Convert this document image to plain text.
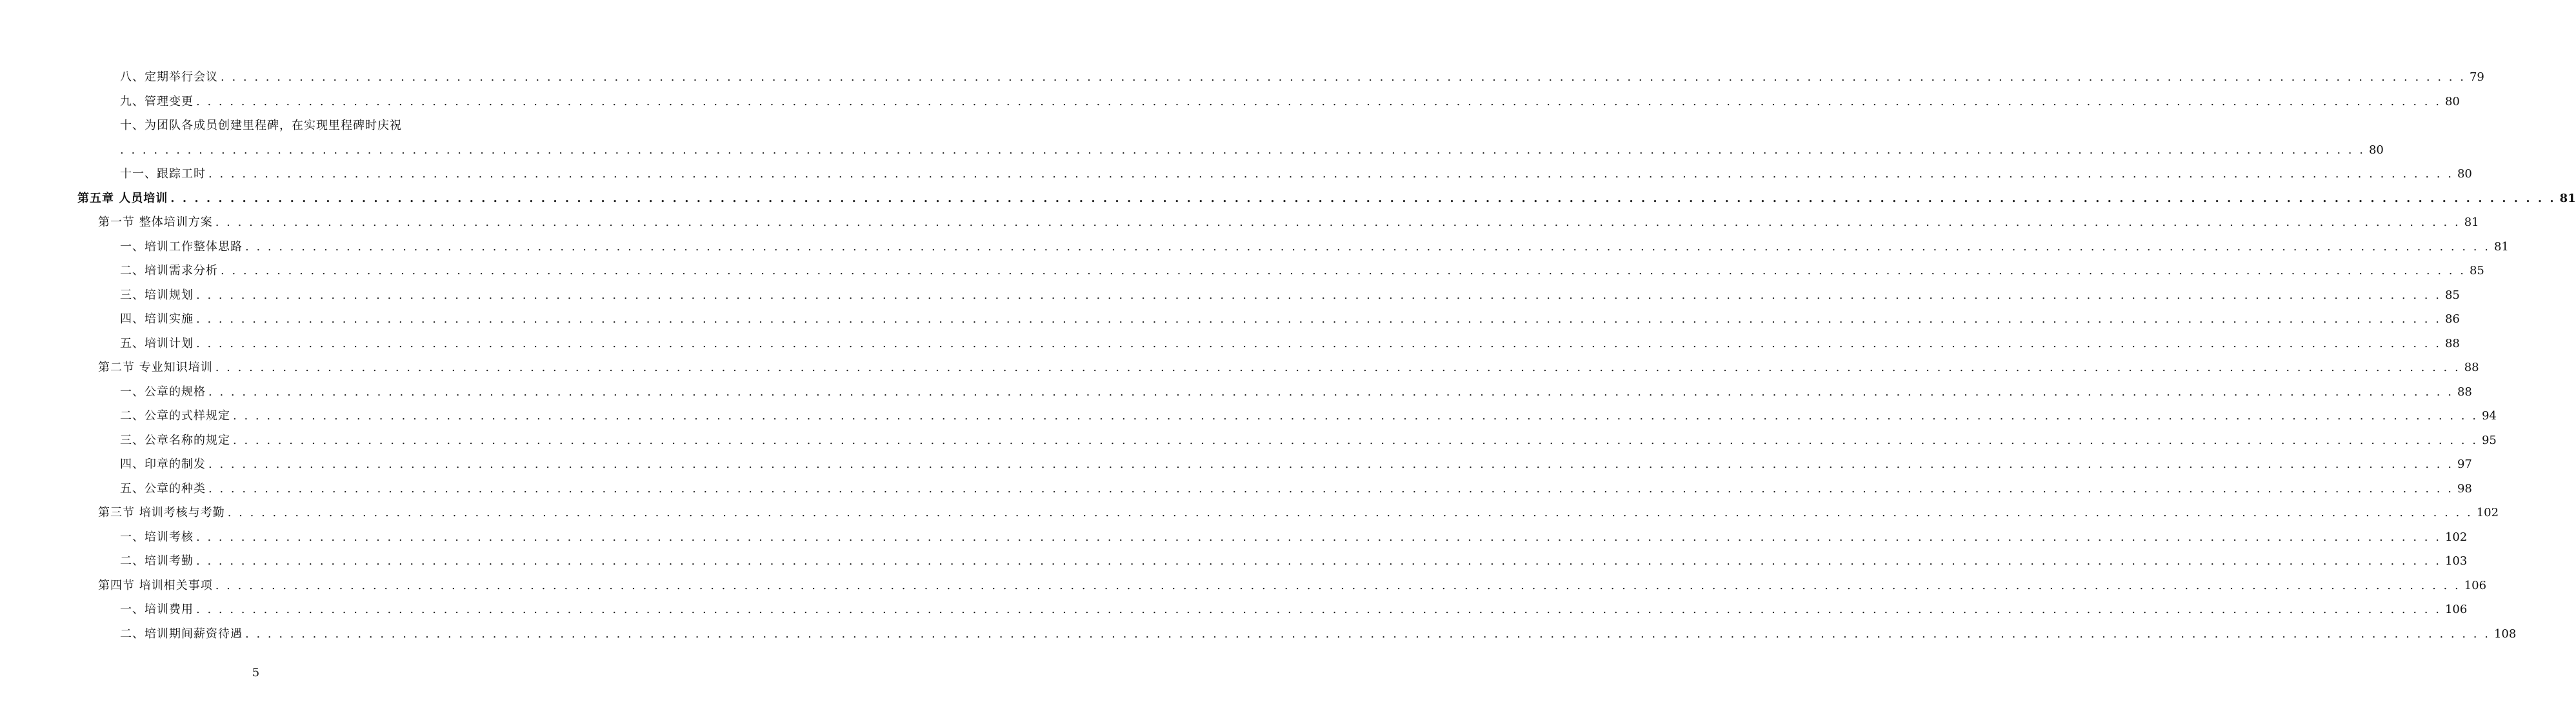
八、定期举行会议 . . . . . . . . . . . . . . . . . . . . . . . . . . . . . . . . . . . . . . . . . . . . . . . . . . . . . . . . . . . . . . . . . . . . . . . . . . . . . . . . . . . . . . . . . . . . . . . . . . . . . . . . . . . . . . . . . . . . . . . . . . . . . . . . . . . . . . . . . . . . . . . . . . . . . . . . . . . . . . . . . . . . . . . . . . . . . . . . . . . . . . . . . . . . . . . . . . . . . . . . 79
九、管理变更 . . . . . . . . . . . . . . . . . . . . . . . . . . . . . . . . . . . . . . . . . . . . . . . . . . . . . . . . . . . . . . . . . . . . . . . . . . . . . . . . . . . . . . . . . . . . . . . . . . . . . . . . . . . . . . . . . . . . . . . . . . . . . . . . . . . . . . . . . . . . . . . . . . . . . . . . . . . . . . . . . . . . . . . . . . . . . . . . . . . . . . . . . . . . . . . . . . . . . . . . 80
十、为团队各成员创建里程碑，在实现里程碑时庆祝
. . . . . . . . . . . . . . . . . . . . . . . . . . . . . . . . . . . . . . . . . . . . . . . . . . . . . . . . . . . . . . . . . . . . . . . . . . . . . . . . . . . . . . . . . . . . . . . . . . . . . . . . . . . . . . . . . . . . . . . . . . . . . . . . . . . . . . . . . . . . . . . . . . . . . . . . . . . . . . . . . . . . . . . . . . . . . . . . . . . . . . . . . . . . . . . . . . . . . . . . 80
十一、跟踪工时 . . . . . . . . . . . . . . . . . . . . . . . . . . . . . . . . . . . . . . . . . . . . . . . . . . . . . . . . . . . . . . . . . . . . . . . . . . . . . . . . . . . . . . . . . . . . . . . . . . . . . . . . . . . . . . . . . . . . . . . . . . . . . . . . . . . . . . . . . . . . . . . . . . . . . . . . . . . . . . . . . . . . . . . . . . . . . . . . . . . . . . . . . . . . . . . . . . . . . . . . 80
第五章 人员培训 . . . . . . . . . . . . . . . . . . . . . . . . . . . . . . . . . . . . . . . . . . . . . . . . . . . . . . . . . . . . . . . . . . . . . . . . . . . . . . . . . . . . . . . . . . . . . . . . . . . . . . . . . . . . . . . . . . . . . . . . . . . . . . . . . . . . . . . . . . . . . . . . . . . . . . . . . . . . . . . . . . . . . . . . . . . . . . . . . . . . . . . . . . . . . . . . . . . . . . . . 81
第一节 整体培训方案 . . . . . . . . . . . . . . . . . . . . . . . . . . . . . . . . . . . . . . . . . . . . . . . . . . . . . . . . . . . . . . . . . . . . . . . . . . . . . . . . . . . . . . . . . . . . . . . . . . . . . . . . . . . . . . . . . . . . . . . . . . . . . . . . . . . . . . . . . . . . . . . . . . . . . . . . . . . . . . . . . . . . . . . . . . . . . . . . . . . . . . . . . . . . . . . . . . . . . . . . 81
一、培训工作整体思路 . . . . . . . . . . . . . . . . . . . . . . . . . . . . . . . . . . . . . . . . . . . . . . . . . . . . . . . . . . . . . . . . . . . . . . . . . . . . . . . . . . . . . . . . . . . . . . . . . . . . . . . . . . . . . . . . . . . . . . . . . . . . . . . . . . . . . . . . . . . . . . . . . . . . . . . . . . . . . . . . . . . . . . . . . . . . . . . . . . . . . . . . . . . . . . . . . . . . . . . . 81
二、培训需求分析 . . . . . . . . . . . . . . . . . . . . . . . . . . . . . . . . . . . . . . . . . . . . . . . . . . . . . . . . . . . . . . . . . . . . . . . . . . . . . . . . . . . . . . . . . . . . . . . . . . . . . . . . . . . . . . . . . . . . . . . . . . . . . . . . . . . . . . . . . . . . . . . . . . . . . . . . . . . . . . . . . . . . . . . . . . . . . . . . . . . . . . . . . . . . . . . . . . . . . . . . 85
三、培训规划 . . . . . . . . . . . . . . . . . . . . . . . . . . . . . . . . . . . . . . . . . . . . . . . . . . . . . . . . . . . . . . . . . . . . . . . . . . . . . . . . . . . . . . . . . . . . . . . . . . . . . . . . . . . . . . . . . . . . . . . . . . . . . . . . . . . . . . . . . . . . . . . . . . . . . . . . . . . . . . . . . . . . . . . . . . . . . . . . . . . . . . . . . . . . . . . . . . . . . . . . 85
四、培训实施 . . . . . . . . . . . . . . . . . . . . . . . . . . . . . . . . . . . . . . . . . . . . . . . . . . . . . . . . . . . . . . . . . . . . . . . . . . . . . . . . . . . . . . . . . . . . . . . . . . . . . . . . . . . . . . . . . . . . . . . . . . . . . . . . . . . . . . . . . . . . . . . . . . . . . . . . . . . . . . . . . . . . . . . . . . . . . . . . . . . . . . . . . . . . . . . . . . . . . . . . 86
五、培训计划 . . . . . . . . . . . . . . . . . . . . . . . . . . . . . . . . . . . . . . . . . . . . . . . . . . . . . . . . . . . . . . . . . . . . . . . . . . . . . . . . . . . . . . . . . . . . . . . . . . . . . . . . . . . . . . . . . . . . . . . . . . . . . . . . . . . . . . . . . . . . . . . . . . . . . . . . . . . . . . . . . . . . . . . . . . . . . . . . . . . . . . . . . . . . . . . . . . . . . . . . 88
第二节 专业知识培训 . . . . . . . . . . . . . . . . . . . . . . . . . . . . . . . . . . . . . . . . . . . . . . . . . . . . . . . . . . . . . . . . . . . . . . . . . . . . . . . . . . . . . . . . . . . . . . . . . . . . . . . . . . . . . . . . . . . . . . . . . . . . . . . . . . . . . . . . . . . . . . . . . . . . . . . . . . . . . . . . . . . . . . . . . . . . . . . . . . . . . . . . . . . . . . . . . . . . . . . . 88
一、公章的规格 . . . . . . . . . . . . . . . . . . . . . . . . . . . . . . . . . . . . . . . . . . . . . . . . . . . . . . . . . . . . . . . . . . . . . . . . . . . . . . . . . . . . . . . . . . . . . . . . . . . . . . . . . . . . . . . . . . . . . . . . . . . . . . . . . . . . . . . . . . . . . . . . . . . . . . . . . . . . . . . . . . . . . . . . . . . . . . . . . . . . . . . . . . . . . . . . . . . . . . . . 88
二、公章的式样规定 . . . . . . . . . . . . . . . . . . . . . . . . . . . . . . . . . . . . . . . . . . . . . . . . . . . . . . . . . . . . . . . . . . . . . . . . . . . . . . . . . . . . . . . . . . . . . . . . . . . . . . . . . . . . . . . . . . . . . . . . . . . . . . . . . . . . . . . . . . . . . . . . . . . . . . . . . . . . . . . . . . . . . . . . . . . . . . . . . . . . . . . . . . . . . . . . . . . . . . . . 94
三、公章名称的规定 . . . . . . . . . . . . . . . . . . . . . . . . . . . . . . . . . . . . . . . . . . . . . . . . . . . . . . . . . . . . . . . . . . . . . . . . . . . . . . . . . . . . . . . . . . . . . . . . . . . . . . . . . . . . . . . . . . . . . . . . . . . . . . . . . . . . . . . . . . . . . . . . . . . . . . . . . . . . . . . . . . . . . . . . . . . . . . . . . . . . . . . . . . . . . . . . . . . . . . . . 95
四、印章的制发 . . . . . . . . . . . . . . . . . . . . . . . . . . . . . . . . . . . . . . . . . . . . . . . . . . . . . . . . . . . . . . . . . . . . . . . . . . . . . . . . . . . . . . . . . . . . . . . . . . . . . . . . . . . . . . . . . . . . . . . . . . . . . . . . . . . . . . . . . . . . . . . . . . . . . . . . . . . . . . . . . . . . . . . . . . . . . . . . . . . . . . . . . . . . . . . . . . . . . . . . 97
五、公章的种类 . . . . . . . . . . . . . . . . . . . . . . . . . . . . . . . . . . . . . . . . . . . . . . . . . . . . . . . . . . . . . . . . . . . . . . . . . . . . . . . . . . . . . . . . . . . . . . . . . . . . . . . . . . . . . . . . . . . . . . . . . . . . . . . . . . . . . . . . . . . . . . . . . . . . . . . . . . . . . . . . . . . . . . . . . . . . . . . . . . . . . . . . . . . . . . . . . . . . . . . . 98
第三节 培训考核与考勤 . . . . . . . . . . . . . . . . . . . . . . . . . . . . . . . . . . . . . . . . . . . . . . . . . . . . . . . . . . . . . . . . . . . . . . . . . . . . . . . . . . . . . . . . . . . . . . . . . . . . . . . . . . . . . . . . . . . . . . . . . . . . . . . . . . . . . . . . . . . . . . . . . . . . . . . . . . . . . . . . . . . . . . . . . . . . . . . . . . . . . . . . . . . . . . . . . . . . . . . . 102
一、培训考核 . . . . . . . . . . . . . . . . . . . . . . . . . . . . . . . . . . . . . . . . . . . . . . . . . . . . . . . . . . . . . . . . . . . . . . . . . . . . . . . . . . . . . . . . . . . . . . . . . . . . . . . . . . . . . . . . . . . . . . . . . . . . . . . . . . . . . . . . . . . . . . . . . . . . . . . . . . . . . . . . . . . . . . . . . . . . . . . . . . . . . . . . . . . . . . . . . . . . . . . . 102
二、培训考勤 . . . . . . . . . . . . . . . . . . . . . . . . . . . . . . . . . . . . . . . . . . . . . . . . . . . . . . . . . . . . . . . . . . . . . . . . . . . . . . . . . . . . . . . . . . . . . . . . . . . . . . . . . . . . . . . . . . . . . . . . . . . . . . . . . . . . . . . . . . . . . . . . . . . . . . . . . . . . . . . . . . . . . . . . . . . . . . . . . . . . . . . . . . . . . . . . . . . . . . . . 103
第四节 培训相关事项 . . . . . . . . . . . . . . . . . . . . . . . . . . . . . . . . . . . . . . . . . . . . . . . . . . . . . . . . . . . . . . . . . . . . . . . . . . . . . . . . . . . . . . . . . . . . . . . . . . . . . . . . . . . . . . . . . . . . . . . . . . . . . . . . . . . . . . . . . . . . . . . . . . . . . . . . . . . . . . . . . . . . . . . . . . . . . . . . . . . . . . . . . . . . . . . . . . . . . . . . 106
一、培训费用 . . . . . . . . . . . . . . . . . . . . . . . . . . . . . . . . . . . . . . . . . . . . . . . . . . . . . . . . . . . . . . . . . . . . . . . . . . . . . . . . . . . . . . . . . . . . . . . . . . . . . . . . . . . . . . . . . . . . . . . . . . . . . . . . . . . . . . . . . . . . . . . . . . . . . . . . . . . . . . . . . . . . . . . . . . . . . . . . . . . . . . . . . . . . . . . . . . . . . . . . 106
二、培训期间薪资待遇 . . . . . . . . . . . . . . . . . . . . . . . . . . . . . . . . . . . . . . . . . . . . . . . . . . . . . . . . . . . . . . . . . . . . . . . . . . . . . . . . . . . . . . . . . . . . . . . . . . . . . . . . . . . . . . . . . . . . . . . . . . . . . . . . . . . . . . . . . . . . . . . . . . . . . . . . . . . . . . . . . . . . . . . . . . . . . . . . . . . . . . . . . . . . . . . . . . . . . . . . 108
5
